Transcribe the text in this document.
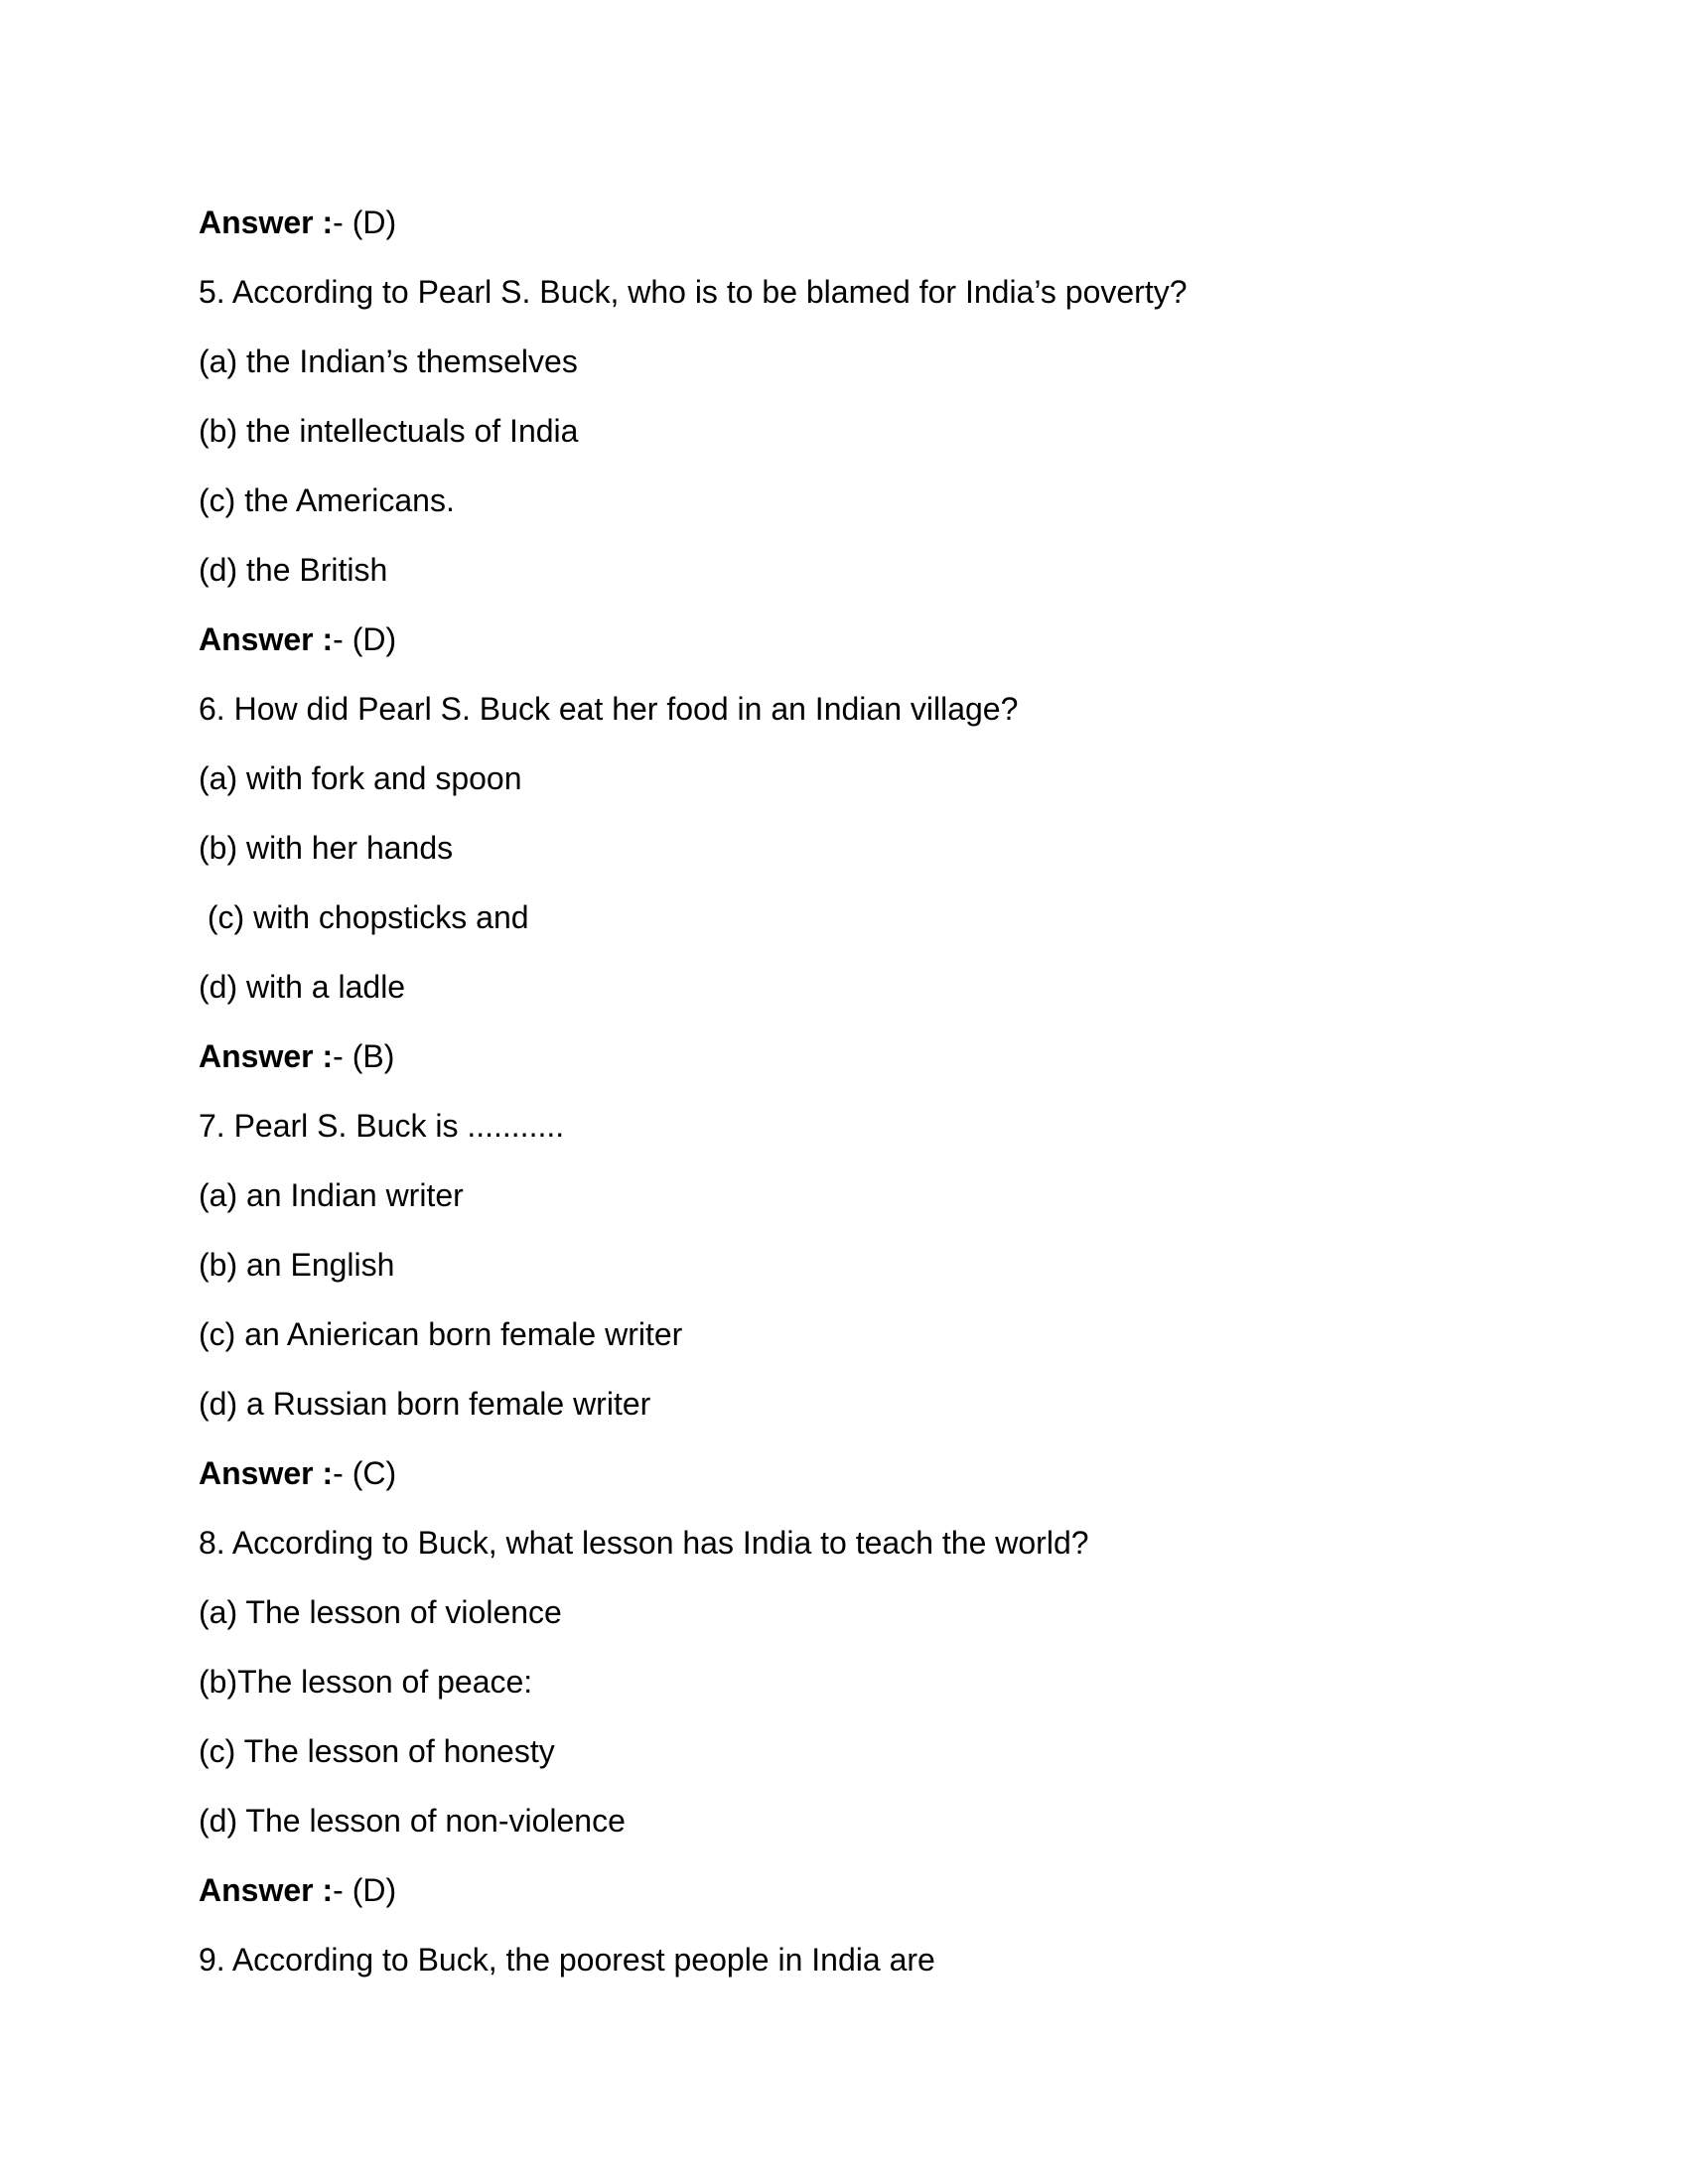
Answer :- (D)
5. According to Pearl S. Buck, who is to be blamed for India’s poverty?
(a) the Indian’s themselves
(b) the intellectuals of India
(c) the Americans.
(d) the British
Answer :- (D)
6. How did Pearl S. Buck eat her food in an Indian village?
(a) with fork and spoon
(b) with her hands
(c) with chopsticks and
(d) with a ladle
Answer :- (B)
7. Pearl S. Buck is ...........
(a) an Indian writer
(b) an English
(c) an Anierican born female writer
(d) a Russian born female writer
Answer :- (C)
8. According to Buck, what lesson has India to teach the world?
(a) The lesson of violence
(b)The lesson of peace:
(c) The lesson of honesty
(d) The lesson of non-violence
Answer :- (D)
9. According to Buck, the poorest people in India are
